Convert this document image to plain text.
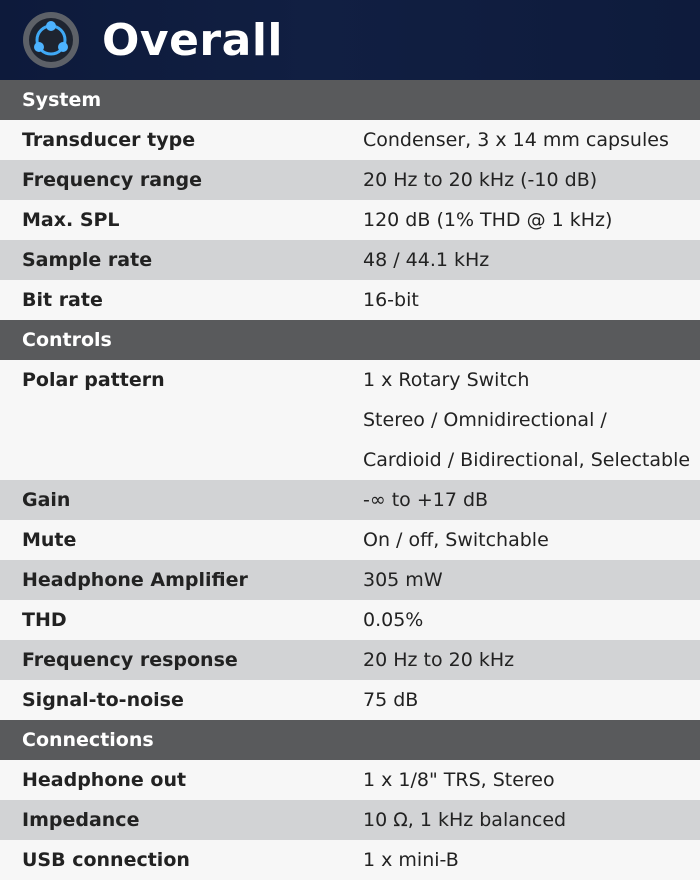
Overall
System
Transducer type	Condenser, 3 x 14 mm capsules
Frequency range	20 Hz to 20 kHz (-10 dB)
Max. SPL	120 dB (1% THD @ 1 kHz)
Sample rate	48 / 44.1 kHz
Bit rate	16-bit
Controls
Polar pattern	1 x Rotary Switch
Stereo / Omnidirectional /
Cardioid / Bidirectional, Selectable
Gain	-∞ to +17 dB
Mute	On / off, Switchable
Headphone Amplifier	305 mW
THD	0.05%
Frequency response	20 Hz to 20 kHz
Signal-to-noise	75 dB
Connections
Headphone out	1 x 1/8" TRS, Stereo
Impedance	10 Ω, 1 kHz balanced
USB connection	1 x mini-B
